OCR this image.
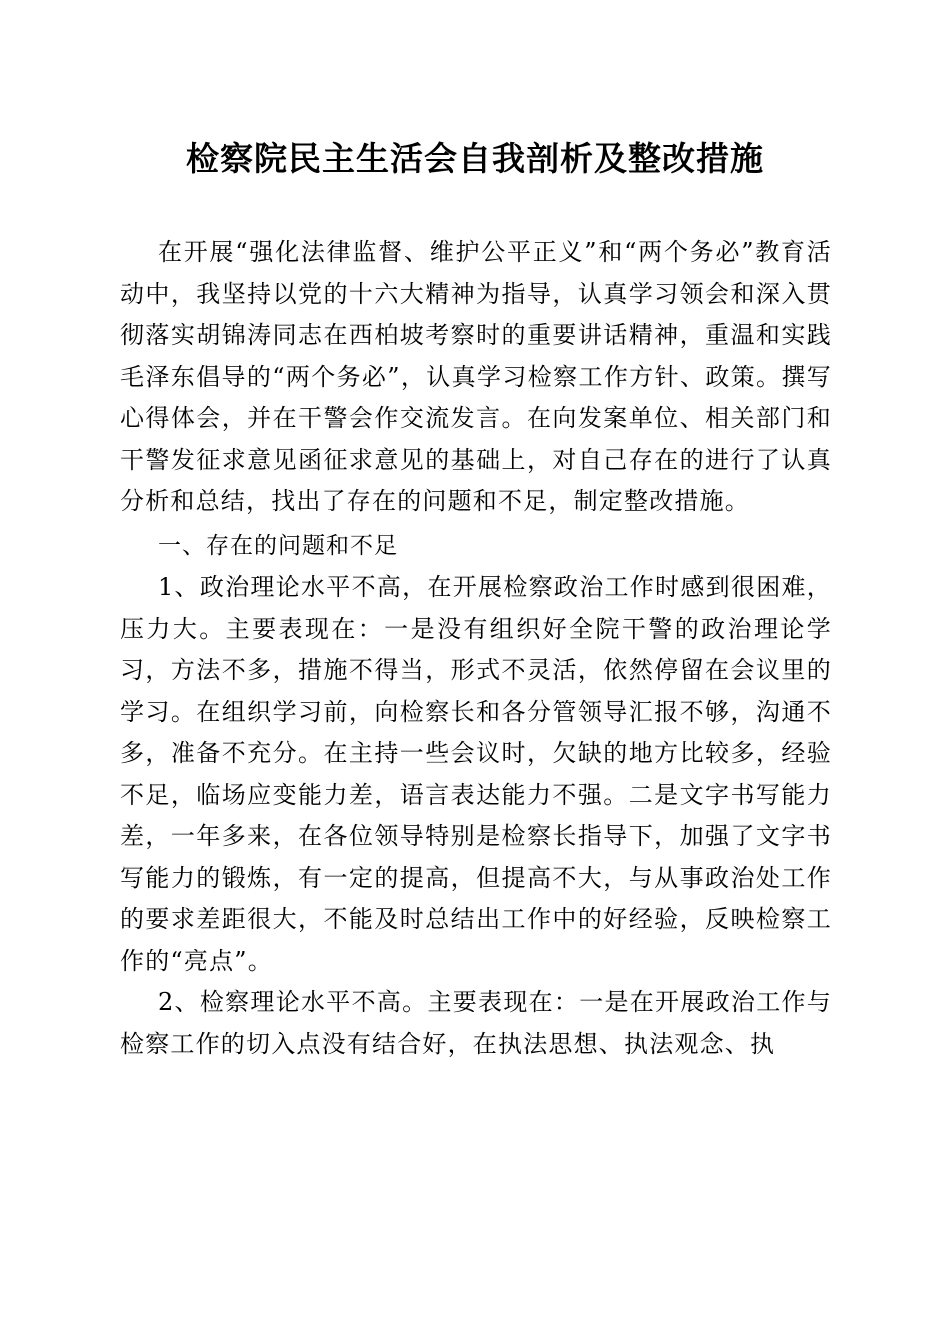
检察院民主生活会自我剖析及整改措施

在开展“强化法律监督、维护公平正义”和“两个务必”教育活动中，我坚持以党的十六大精神为指导，认真学习领会和深入贯彻落实胡锦涛同志在西柏坡考察时的重要讲话精神，重温和实践毛泽东倡导的“两个务必”，认真学习检察工作方针、政策。撰写心得体会，并在干警会作交流发言。在向发案单位、相关部门和干警发征求意见函征求意见的基础上，对自己存在的进行了认真分析和总结，找出了存在的问题和不足，制定整改措施。

一、存在的问题和不足

1、政治理论水平不高，在开展检察政治工作时感到很困难，压力大。主要表现在：一是没有组织好全院干警的政治理论学习，方法不多，措施不得当，形式不灵活，依然停留在会议里的学习。在组织学习前，向检察长和各分管领导汇报不够，沟通不多，准备不充分。在主持一些会议时，欠缺的地方比较多，经验不足，临场应变能力差，语言表达能力不强。二是文字书写能力差，一年多来，在各位领导特别是检察长指导下，加强了文字书写能力的锻炼，有一定的提高，但提高不大，与从事政治处工作的要求差距很大，不能及时总结出工作中的好经验，反映检察工作的“亮点”。

2、检察理论水平不高。主要表现在：一是在开展政治工作与检察工作的切入点没有结合好，在执法思想、执法观念、执
